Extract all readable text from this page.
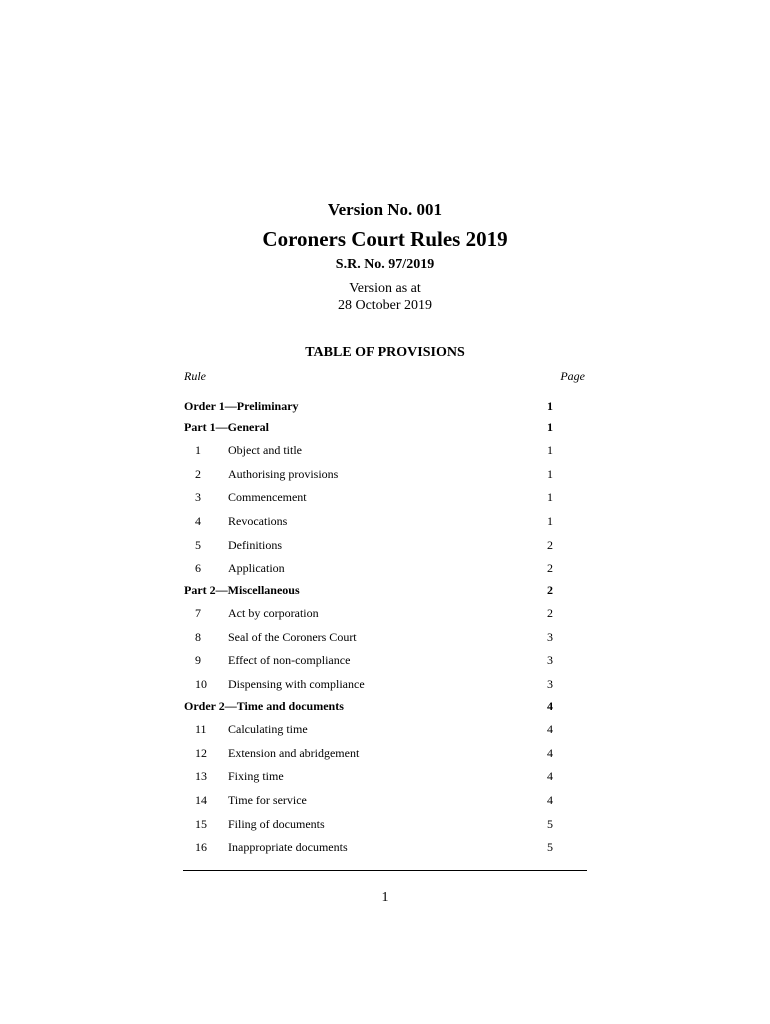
Version No. 001
Coroners Court Rules 2019
S.R. No. 97/2019
Version as at
28 October 2019
TABLE OF PROVISIONS
Rule	Page
Order 1—Preliminary	1
Part 1—General	1
1 Object and title	1
2 Authorising provisions	1
3 Commencement	1
4 Revocations	1
5 Definitions	2
6 Application	2
Part 2—Miscellaneous	2
7 Act by corporation	2
8 Seal of the Coroners Court	3
9 Effect of non-compliance	3
10 Dispensing with compliance	3
Order 2—Time and documents	4
11 Calculating time	4
12 Extension and abridgement	4
13 Fixing time	4
14 Time for service	4
15 Filing of documents	5
16 Inappropriate documents	5
1
